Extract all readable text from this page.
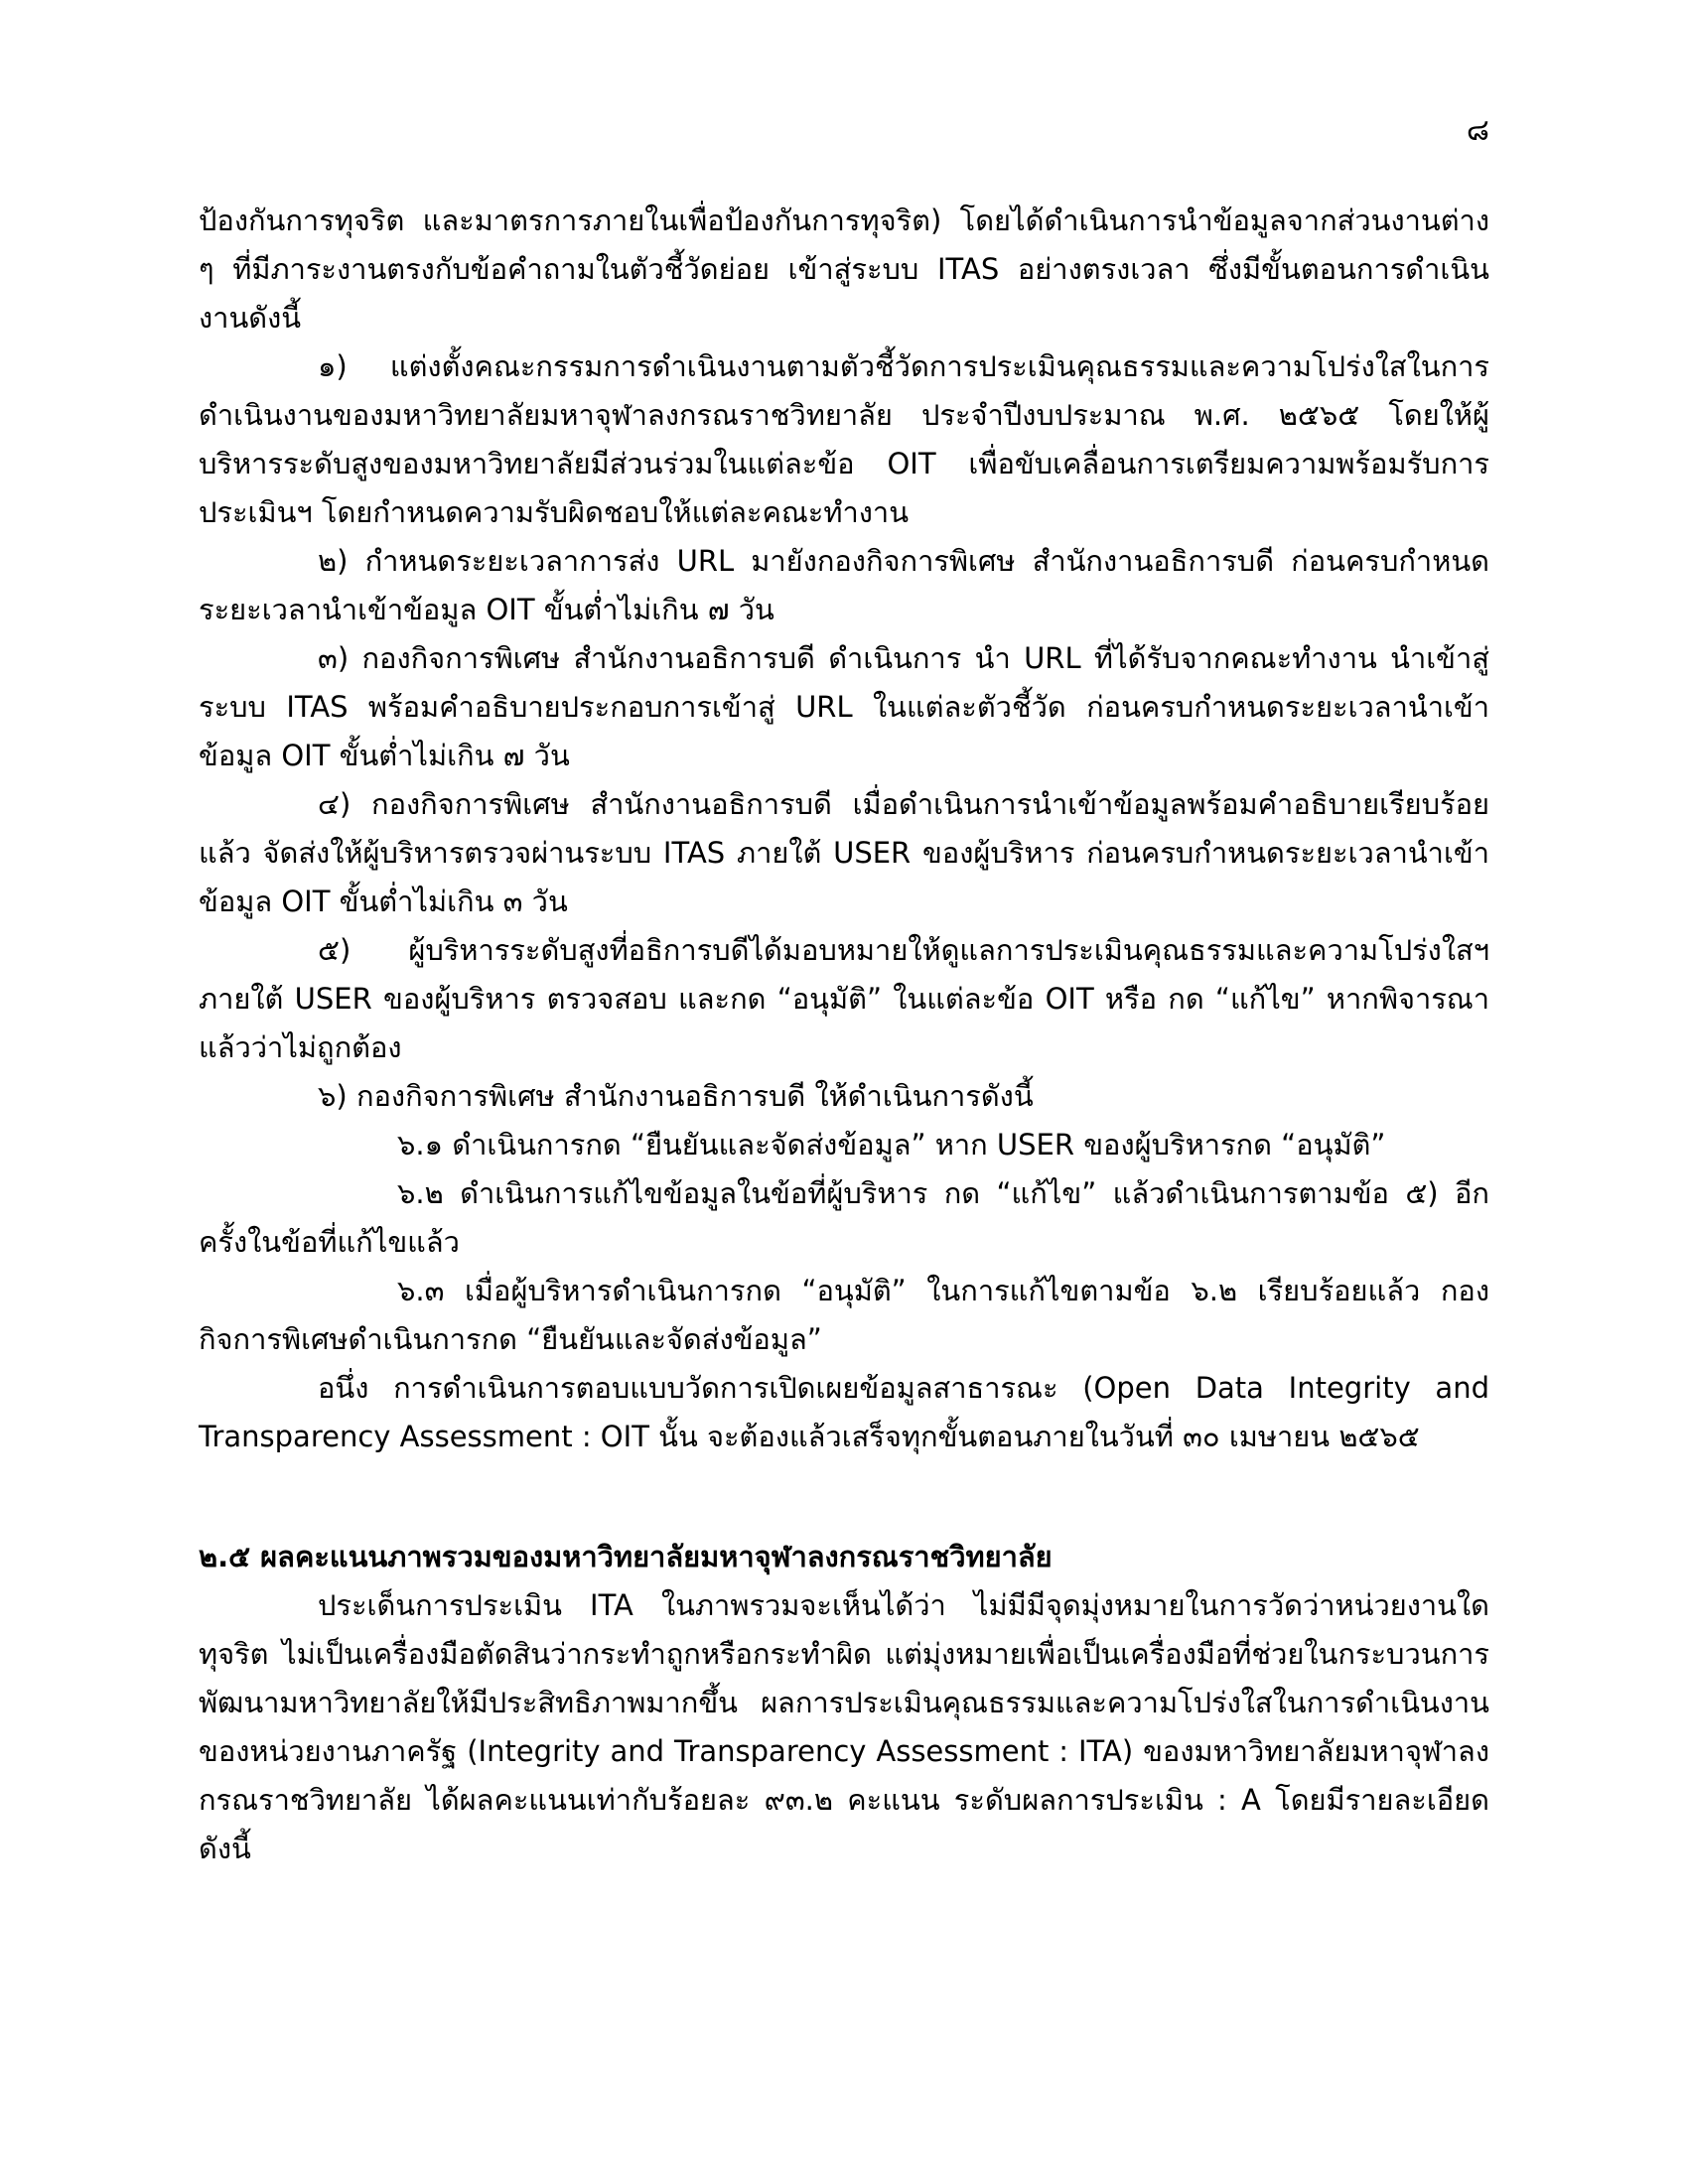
๘

ป้องกันการทุจริต และมาตรการภายในเพื่อป้องกันการทุจริต) โดยได้ดำเนินการนำข้อมูลจากส่วนงานต่าง ๆ ที่มีภาระงานตรงกับข้อคำถามในตัวชี้วัดย่อย เข้าสู่ระบบ ITAS อย่างตรงเวลา ซึ่งมีขั้นตอนการดำเนินงานดังนี้

๑) แต่งตั้งคณะกรรมการดำเนินงานตามตัวชี้วัดการประเมินคุณธรรมและความโปร่งใสในการดำเนินงานของมหาวิทยาลัยมหาจุฬาลงกรณราชวิทยาลัย ประจำปีงบประมาณ พ.ศ. ๒๕๖๕ โดยให้ผู้บริหารระดับสูงของมหาวิทยาลัยมีส่วนร่วมในแต่ละข้อ OIT เพื่อขับเคลื่อนการเตรียมความพร้อมรับการประเมินฯ โดยกำหนดความรับผิดชอบให้แต่ละคณะทำงาน

๒) กำหนดระยะเวลาการส่ง URL มายังกองกิจการพิเศษ สำนักงานอธิการบดี ก่อนครบกำหนดระยะเวลานำเข้าข้อมูล OIT ขั้นต่ำไม่เกิน ๗ วัน

๓) กองกิจการพิเศษ สำนักงานอธิการบดี ดำเนินการ นำ URL ที่ได้รับจากคณะทำงาน นำเข้าสู่ระบบ ITAS พร้อมคำอธิบายประกอบการเข้าสู่ URL ในแต่ละตัวชี้วัด ก่อนครบกำหนดระยะเวลานำเข้าข้อมูล OIT ขั้นต่ำไม่เกิน ๗ วัน

๔) กองกิจการพิเศษ สำนักงานอธิการบดี เมื่อดำเนินการนำเข้าข้อมูลพร้อมคำอธิบายเรียบร้อยแล้ว จัดส่งให้ผู้บริหารตรวจผ่านระบบ ITAS ภายใต้ USER ของผู้บริหาร ก่อนครบกำหนดระยะเวลานำเข้าข้อมูล OIT ขั้นต่ำไม่เกิน ๓ วัน

๕) ผู้บริหารระดับสูงที่อธิการบดีได้มอบหมายให้ดูแลการประเมินคุณธรรมและความโปร่งใสฯ ภายใต้ USER ของผู้บริหาร ตรวจสอบ และกด “อนุมัติ” ในแต่ละข้อ OIT หรือ กด “แก้ไข” หากพิจารณาแล้วว่าไม่ถูกต้อง

๖) กองกิจการพิเศษ สำนักงานอธิการบดี ให้ดำเนินการดังนี้

๖.๑ ดำเนินการกด “ยืนยันและจัดส่งข้อมูล” หาก USER ของผู้บริหารกด “อนุมัติ”

๖.๒ ดำเนินการแก้ไขข้อมูลในข้อที่ผู้บริหาร กด “แก้ไข” แล้วดำเนินการตามข้อ ๕) อีกครั้งในข้อที่แก้ไขแล้ว

๖.๓ เมื่อผู้บริหารดำเนินการกด “อนุมัติ” ในการแก้ไขตามข้อ ๖.๒ เรียบร้อยแล้ว กองกิจการพิเศษดำเนินการกด “ยืนยันและจัดส่งข้อมูล”

อนึ่ง การดำเนินการตอบแบบวัดการเปิดเผยข้อมูลสาธารณะ (Open Data Integrity and Transparency Assessment : OIT นั้น จะต้องแล้วเสร็จทุกขั้นตอนภายในวันที่ ๓๐ เมษายน ๒๕๖๕

๒.๕ ผลคะแนนภาพรวมของมหาวิทยาลัยมหาจุฬาลงกรณราชวิทยาลัย

ประเด็นการประเมิน ITA ในภาพรวมจะเห็นได้ว่า ไม่มีมีจุดมุ่งหมายในการวัดว่าหน่วยงานใดทุจริต ไม่เป็นเครื่องมือตัดสินว่ากระทำถูกหรือกระทำผิด แต่มุ่งหมายเพื่อเป็นเครื่องมือที่ช่วยในกระบวนการพัฒนามหาวิทยาลัยให้มีประสิทธิภาพมากขึ้น ผลการประเมินคุณธรรมและความโปร่งใสในการดำเนินงานของหน่วยงานภาครัฐ (Integrity and Transparency Assessment : ITA) ของมหาวิทยาลัยมหาจุฬาลงกรณราชวิทยาลัย ได้ผลคะแนนเท่ากับร้อยละ ๙๓.๒ คะแนน ระดับผลการประเมิน : A โดยมีรายละเอียดดังนี้
